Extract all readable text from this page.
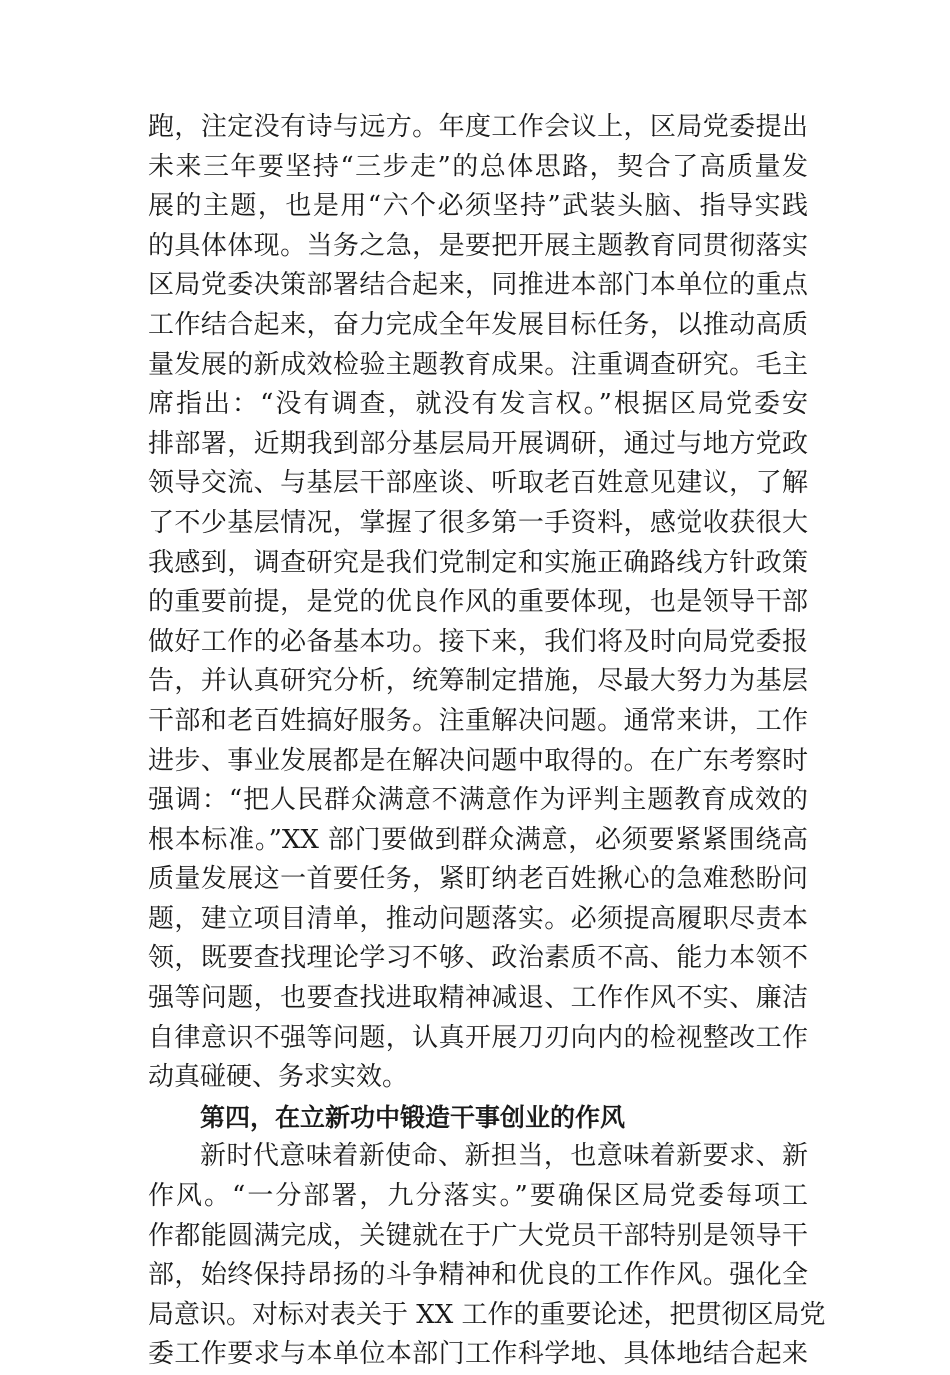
跑，注定没有诗与远方。年度工作会议上，区局党委提出
未来三年要坚持“三步走”的总体思路，契合了高质量发
展的主题，也是用“六个必须坚持”武装头脑、指导实践
的具体体现。当务之急，是要把开展主题教育同贯彻落实
区局党委决策部署结合起来，同推进本部门本单位的重点
工作结合起来，奋力完成全年发展目标任务，以推动高质
量发展的新成效检验主题教育成果。注重调查研究。毛主
席指出：“没有调查，就没有发言权。”根据区局党委安
排部署，近期我到部分基层局开展调研，通过与地方党政
领导交流、与基层干部座谈、听取老百姓意见建议，了解
了不少基层情况，掌握了很多第一手资料，感觉收获很大
我感到，调查研究是我们党制定和实施正确路线方针政策
的重要前提，是党的优良作风的重要体现，也是领导干部
做好工作的必备基本功。接下来，我们将及时向局党委报
告，并认真研究分析，统筹制定措施，尽最大努力为基层
干部和老百姓搞好服务。注重解决问题。通常来讲，工作
进步、事业发展都是在解决问题中取得的。在广东考察时
强调：“把人民群众满意不满意作为评判主题教育成效的
根本标准。”XX 部门要做到群众满意，必须要紧紧围绕高
质量发展这一首要任务，紧盯纳老百姓揪心的急难愁盼问
题，建立项目清单，推动问题落实。必须提高履职尽责本
领，既要查找理论学习不够、政治素质不高、能力本领不
强等问题，也要查找进取精神减退、工作作风不实、廉洁
自律意识不强等问题，认真开展刀刃向内的检视整改工作
动真碰硬、务求实效。
第四，在立新功中锻造干事创业的作风
新时代意味着新使命、新担当，也意味着新要求、新
作风。“一分部署，九分落实。”要确保区局党委每项工
作都能圆满完成，关键就在于广大党员干部特别是领导干
部，始终保持昂扬的斗争精神和优良的工作作风。强化全
局意识。对标对表关于 XX 工作的重要论述，把贯彻区局党
委工作要求与本单位本部门工作科学地、具体地结合起来
